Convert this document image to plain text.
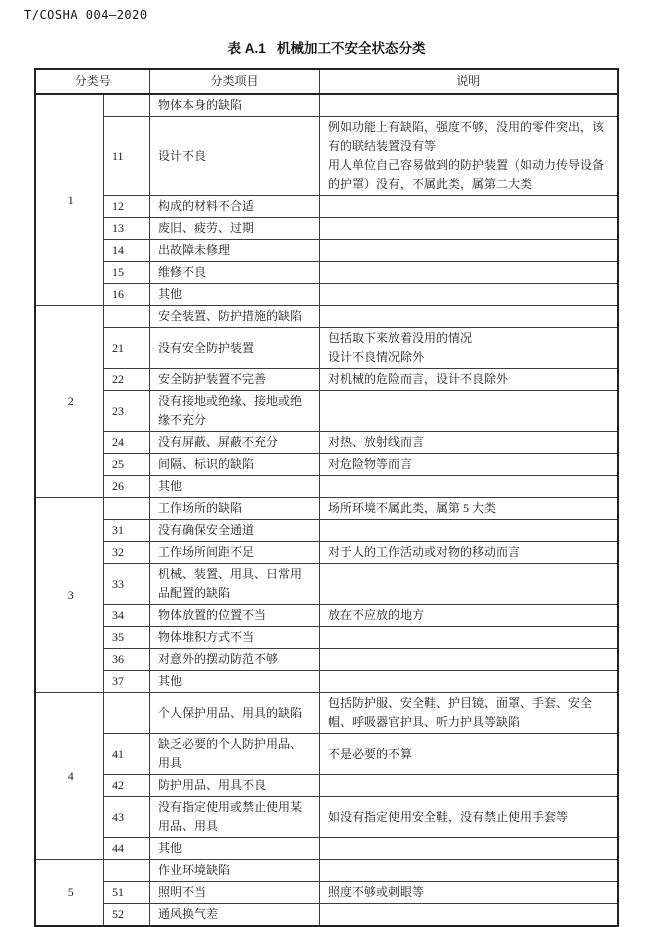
T/COSHA 004—2020
表 A.1   机械加工不安全状态分类
分类号		分类项目	说明
1		物体本身的缺陷	
	11	设计不良	例如功能上有缺陷，强度不够，没用的零件突出，该有的联结装置没有等
用人单位自己容易做到的防护装置（如动力传导设备的护罩）没有，不属此类，属第二大类

	12	构成的材料不合适	
	13	废旧、疲劳、过期	
	14	出故障未修理	
	15	维修不良	
	16	其他	
2		安全装置、防护措施的缺陷	
	21	没有安全防护装置	包括取下来放着没用的情况
设计不良情况除外

	22	安全防护装置不完善	对机械的危险而言，设计不良除外

	23	没有接地或绝缘、接地或绝缘不充分	
	24	没有屏蔽、屏蔽不充分	对热、放射线而言

	25	间隔、标识的缺陷	对危险物等而言

	26	其他	
3		工作场所的缺陷	场所环境不属此类，属第 5 大类

	31	没有确保安全通道	
	32	工作场所间距不足	对于人的工作活动或对物的移动而言

	33	机械、装置、用具、日常用品配置的缺陷	
	34	物体放置的位置不当	放在不应放的地方

	35	物体堆积方式不当	
	36	对意外的摆动防范不够	
	37	其他	
4		个人保护用品、用具的缺陷	包括防护服、安全鞋、护目镜、面罩、手套、安全帽、呼吸器官护具、听力护具等缺陷

	41	缺乏必要的个人防护用品、用具	不是必要的不算

	42	防护用品、用具不良	
	43	没有指定使用或禁止使用某用品、用具	如没有指定使用安全鞋，没有禁止使用手套等

	44	其他	
5		作业环境缺陷	
	51	照明不当	照度不够或刺眼等

	52	通风换气差	
